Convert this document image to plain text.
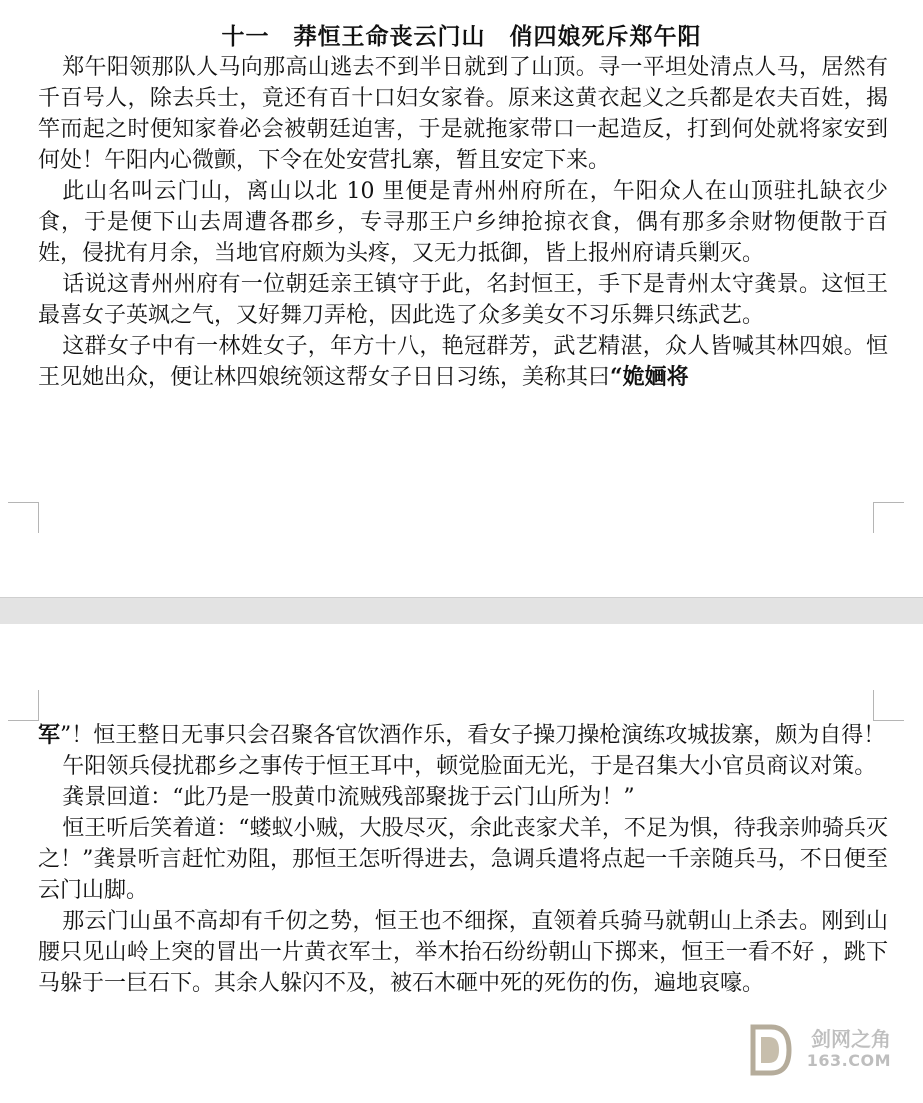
十一　莽恒王命丧云门山　俏四娘死斥郑午阳

郑午阳领那队人马向那高山逃去不到半日就到了山顶。寻一平坦处清点人马，居然有千百号人，除去兵士，竟还有百十口妇女家眷。原来这黄衣起义之兵都是农夫百姓，揭竿而起之时便知家眷必会被朝廷迫害，于是就拖家带口一起造反，打到何处就将家安到何处！午阳内心微颤，下令在处安营扎寨，暂且安定下来。

此山名叫云门山，离山以北 10 里便是青州州府所在，午阳众人在山顶驻扎缺衣少食，于是便下山去周遭各郡乡，专寻那王户乡绅抢掠衣食，偶有那多余财物便散于百姓，侵扰有月余，当地官府颇为头疼，又无力抵御，皆上报州府请兵剿灭。

话说这青州州府有一位朝廷亲王镇守于此，名封恒王，手下是青州太守龚景。这恒王最喜女子英飒之气，又好舞刀弄枪，因此选了众多美女不习乐舞只练武艺。

这群女子中有一林姓女子，年方十八，艳冠群芳，武艺精湛，众人皆喊其林四娘。恒王见她出众，便让林四娘统领这帮女子日日习练，美称其曰“姽婳将

军”！恒王整日无事只会召聚各官饮酒作乐，看女子操刀操枪演练攻城拔寨，颇为自得！

午阳领兵侵扰郡乡之事传于恒王耳中，顿觉脸面无光，于是召集大小官员商议对策。

龚景回道：“此乃是一股黄巾流贼残部聚拢于云门山所为！”

恒王听后笑着道：“蝼蚁小贼，大股尽灭，余此丧家犬羊，不足为惧，待我亲帅骑兵灭之！”龚景听言赶忙劝阻，那恒王怎听得进去，急调兵遣将点起一千亲随兵马，不日便至云门山脚。

那云门山虽不高却有千仞之势，恒王也不细探，直领着兵骑马就朝山上杀去。刚到山腰只见山岭上突的冒出一片黄衣军士，举木抬石纷纷朝山下掷来，恒王一看不好 ，跳下马躲于一巨石下。其余人躲闪不及，被石木砸中死的死伤的伤，遍地哀嚎。

剑网之角
163.COM
